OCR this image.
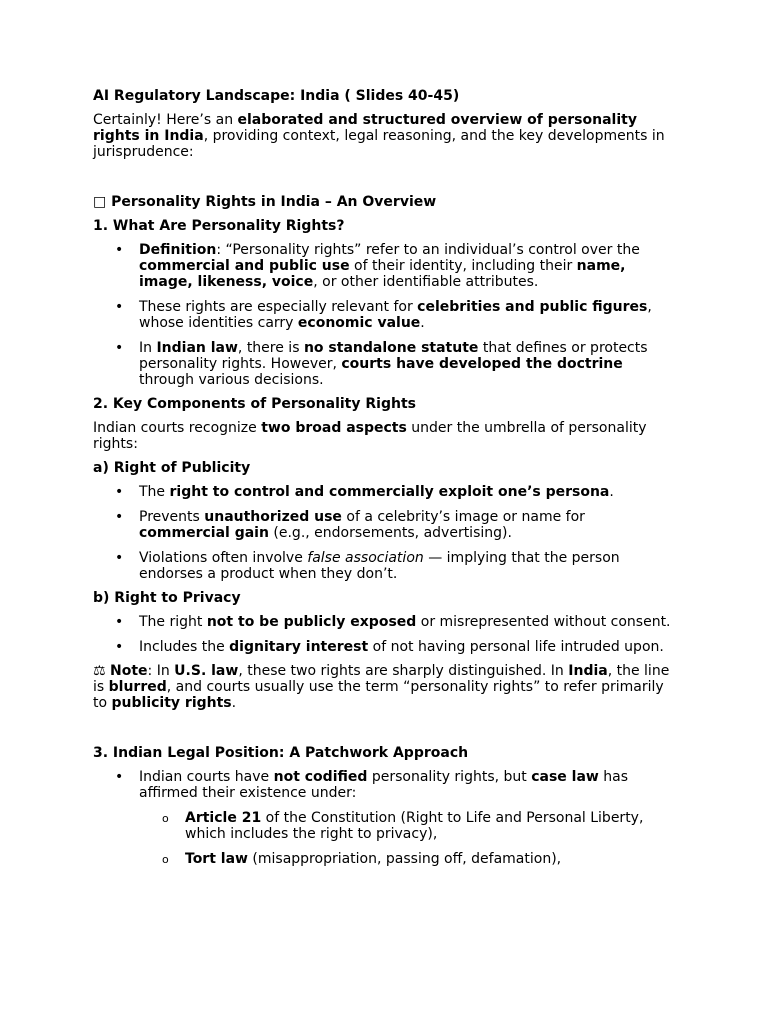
AI Regulatory Landscape: India ( Slides 40-45)

Certainly! Here’s an elaborated and structured overview of personality rights in India, providing context, legal reasoning, and the key developments in jurisprudence:

□ Personality Rights in India – An Overview

1. What Are Personality Rights?

• Definition: “Personality rights” refer to an individual’s control over the commercial and public use of their identity, including their name, image, likeness, voice, or other identifiable attributes.
• These rights are especially relevant for celebrities and public figures, whose identities carry economic value.
• In Indian law, there is no standalone statute that defines or protects personality rights. However, courts have developed the doctrine through various decisions.

2. Key Components of Personality Rights

Indian courts recognize two broad aspects under the umbrella of personality rights:

a) Right of Publicity

• The right to control and commercially exploit one’s persona.
• Prevents unauthorized use of a celebrity’s image or name for commercial gain (e.g., endorsements, advertising).
• Violations often involve false association — implying that the person endorses a product when they don’t.

b) Right to Privacy

• The right not to be publicly exposed or misrepresented without consent.
• Includes the dignitary interest of not having personal life intruded upon.

⚖ Note: In U.S. law, these two rights are sharply distinguished. In India, the line is blurred, and courts usually use the term “personality rights” to refer primarily to publicity rights.

3. Indian Legal Position: A Patchwork Approach

• Indian courts have not codified personality rights, but case law has affirmed their existence under:
o Article 21 of the Constitution (Right to Life and Personal Liberty, which includes the right to privacy),
o Tort law (misappropriation, passing off, defamation),
